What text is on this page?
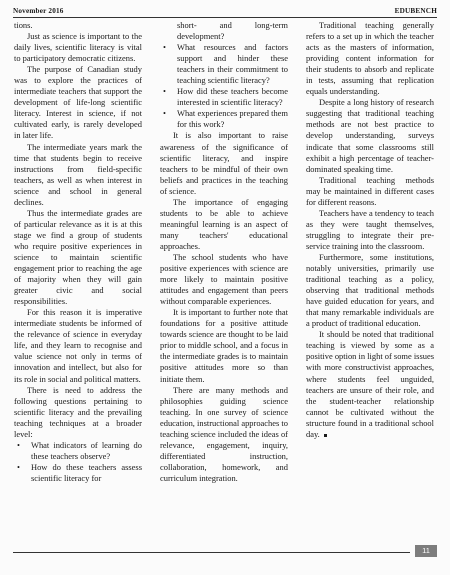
November 2016	EDUBENCH

tions.

Just as science is important to the daily lives, scientific literacy is vital to participatory democratic citizens.

The purpose of Canadian study was to explore the practices of intermediate teachers that support the development of life-long scientific literacy. Interest in science, if not cultivated early, is rarely developed in later life.

The intermediate years mark the time that students begin to receive instructions from field-specific teachers, as well as when interest in science and school in general declines.

Thus the intermediate grades are of particular relevance as it is at this stage we find a group of students who require positive experiences in science to maintain scientific engagement prior to reaching the age of majority when they will gain greater civic and social responsibilities.

For this reason it is imperative intermediate students be informed of the relevance of science in everyday life, and they learn to recognise and value science not only in terms of innovation and intellect, but also for its role in social and political matters.

There is need to address the following questions pertaining to scientific literacy and the prevailing teaching techniques at a broader level:

• What indicators of learning do these teachers observe?
• How do these teachers assess scientific literacy for
short- and long-term development?
• What resources and factors support and hinder these teachers in their commitment to teaching scientific literacy?
• How did these teachers become interested in scientific literacy?
• What experiences prepared them for this work?

It is also important to raise awareness of the significance of scientific literacy, and inspire teachers to be mindful of their own beliefs and practices in the teaching of science.

The importance of engaging students to be able to achieve meaningful learning is an aspect of many teachers' educational approaches.

The school students who have positive experiences with science are more likely to maintain positive attitudes and engagement than peers without comparable experiences.

It is important to further note that foundations for a positive attitude towards science are thought to be laid prior to middle school, and a focus in the intermediate grades is to maintain positive attitudes more so than initiate them.

There are many methods and philosophies guiding science teaching. In one survey of science education, instructional approaches to teaching science included the ideas of relevance, engagement, inquiry, differentiated instruction, collaboration, homework, and curriculum integration.

Traditional teaching generally refers to a set up in which the teacher acts as the masters of information, providing content information for their students to absorb and replicate in tests, assuming that replication equals understanding.

Despite a long history of research suggesting that traditional teaching methods are not best practice to develop understanding, surveys indicate that some classrooms still exhibit a high percentage of teacher-dominated speaking time.

Traditional teaching methods may be maintained in different cases for different reasons.

Teachers have a tendency to teach as they were taught themselves, struggling to integrate their pre-service training into the classroom.

Furthermore, some institutions, notably universities, primarily use traditional teaching as a policy, observing that traditional methods have guided education for years, and that many remarkable individuals are a product of traditional education.

It should be noted that traditional teaching is viewed by some as a positive option in light of some issues with more constructivist approaches, where students feel unguided, teachers are unsure of their role, and the student-teacher relationship cannot be cultivated without the structure found in a traditional school day.

11
